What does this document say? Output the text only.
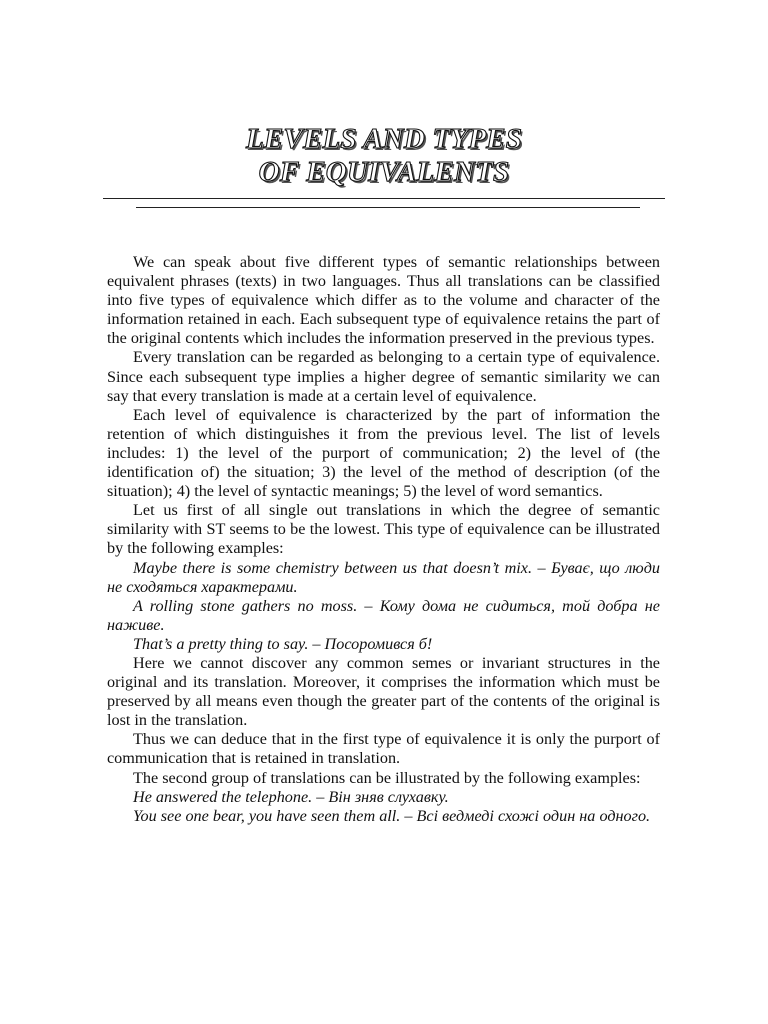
LEVELS AND TYPES
OF EQUIVALENTS

We can speak about five different types of semantic relationships between equivalent phrases (texts) in two languages. Thus all translations can be classified into five types of equivalence which differ as to the volume and character of the information retained in each. Each subsequent type of equivalence retains the part of the original contents which includes the information preserved in the previous types.

Every translation can be regarded as belonging to a certain type of equivalence. Since each subsequent type implies a higher degree of semantic similarity we can say that every translation is made at a certain level of equivalence.

Each level of equivalence is characterized by the part of information the retention of which distinguishes it from the previous level. The list of levels includes: 1) the level of the purport of communication; 2) the level of (the identification of) the situation; 3) the level of the method of description (of the situation); 4) the level of syntactic meanings; 5) the level of word semantics.

Let us first of all single out translations in which the degree of semantic similarity with ST seems to be the lowest. This type of equivalence can be illustrated by the following examples:

Maybe there is some chemistry between us that doesn’t mix. – Буває, що люди не сходяться характерами.

A rolling stone gathers no moss. – Кому дома не сидиться, той добра не наживе.

That’s a pretty thing to say. – Посоромився б!

Here we cannot discover any common semes or invariant structures in the original and its translation. Moreover, it comprises the information which must be preserved by all means even though the greater part of the contents of the original is lost in the translation.

Thus we can deduce that in the first type of equivalence it is only the purport of communication that is retained in translation.

The second group of translations can be illustrated by the following examples:

He answered the telephone. – Він зняв слухавку.

You see one bear, you have seen them all. – Всі ведмеді схожі один на одного.
